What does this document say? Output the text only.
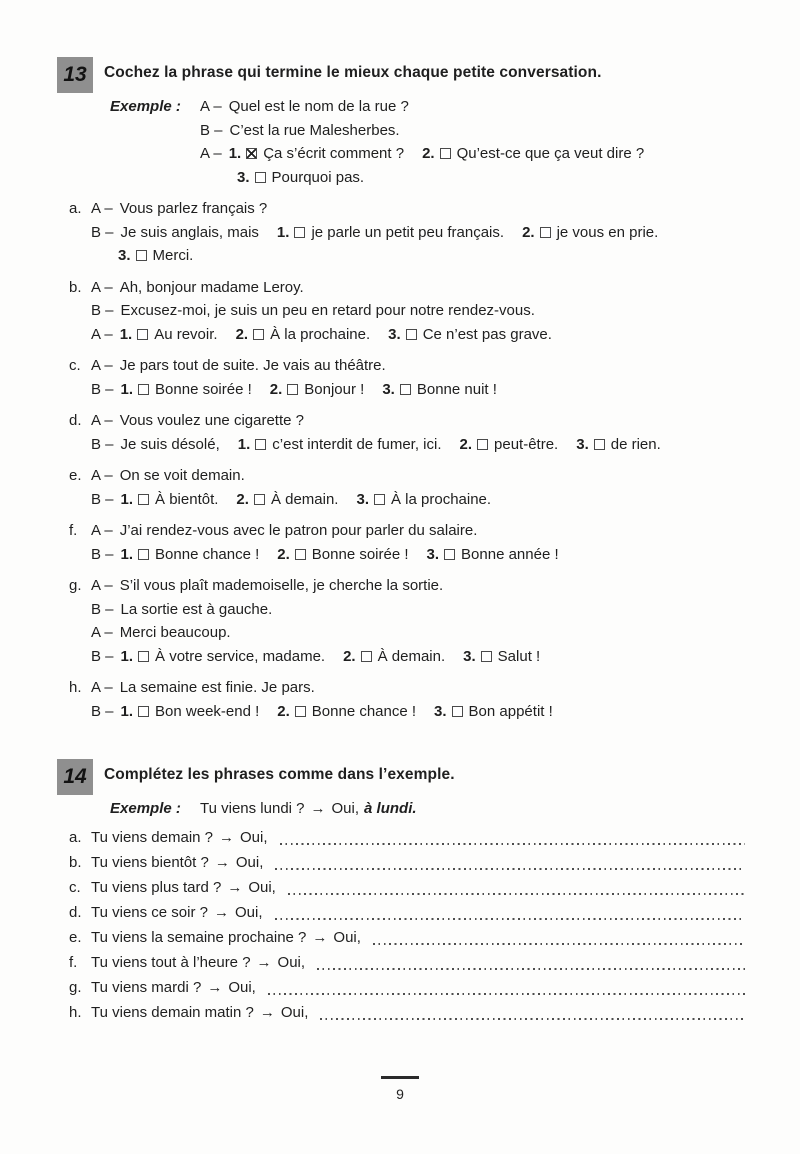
13	Cochez la phrase qui termine le mieux chaque petite conversation.
Exemple :	A – Quel est le nom de la rue ?
B – C’est la rue Malesherbes.
A – 1. Ça s’écrit comment ? 2. Qu’est-ce que ça veut dire ?
3. Pourquoi pas.
a. A – Vous parlez français ?
B – Je suis anglais, mais 1. je parle un petit peu français. 2. je vous en prie.
3. Merci.
b. A – Ah, bonjour madame Leroy.
B – Excusez-moi, je suis un peu en retard pour notre rendez-vous.
A – 1. Au revoir. 2. À la prochaine. 3. Ce n’est pas grave.
c. A – Je pars tout de suite. Je vais au théâtre.
B – 1. Bonne soirée ! 2. Bonjour ! 3. Bonne nuit !
d. A – Vous voulez une cigarette ?
B – Je suis désolé, 1. c’est interdit de fumer, ici. 2. peut-être. 3. de rien.
e. A – On se voit demain.
B – 1. À bientôt. 2. À demain. 3. À la prochaine.
f. A – J’ai rendez-vous avec le patron pour parler du salaire.
B – 1. Bonne chance ! 2. Bonne soirée ! 3. Bonne année !
g. A – S’il vous plaît mademoiselle, je cherche la sortie.
B – La sortie est à gauche.
A – Merci beaucoup.
B – 1. À votre service, madame. 2. À demain. 3. Salut !
h. A – La semaine est finie. Je pars.
B – 1. Bon week-end ! 2. Bonne chance ! 3. Bon appétit !
14	Complétez les phrases comme dans l’exemple.
Exemple :	Tu viens lundi ? → Oui, à lundi.
a. Tu viens demain ? → Oui,
b. Tu viens bientôt ? → Oui,
c. Tu viens plus tard ? → Oui,
d. Tu viens ce soir ? → Oui,
e. Tu viens la semaine prochaine ? → Oui,
f. Tu viens tout à l’heure ? → Oui,
g. Tu viens mardi ? → Oui,
h. Tu viens demain matin ? → Oui,
9
